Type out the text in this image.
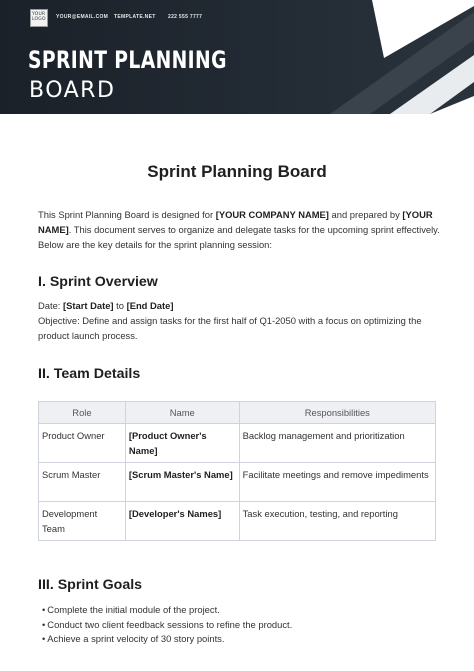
YOUR LOGO	YOUR@EMAIL.COM TEMPLATE.NET 222 555 7777
SPRINT PLANNING
BOARD
Sprint Planning Board
This Sprint Planning Board is designed for [YOUR COMPANY NAME] and prepared by [YOUR NAME]. This document serves to organize and delegate tasks for the upcoming sprint effectively. Below are the key details for the sprint planning session:
I. Sprint Overview
Date: [Start Date] to [End Date]
Objective: Define and assign tasks for the first half of Q1-2050 with a focus on optimizing the product launch process.
II. Team Details
Role	Name	Responsibilities
Product Owner	[Product Owner's Name]	Backlog management and prioritization
Scrum Master	[Scrum Master's Name]	Facilitate meetings and remove impediments
Development Team	[Developer's Names]	Task execution, testing, and reporting
III. Sprint Goals
• Complete the initial module of the project.
• Conduct two client feedback sessions to refine the product.
• Achieve a sprint velocity of 30 story points.
